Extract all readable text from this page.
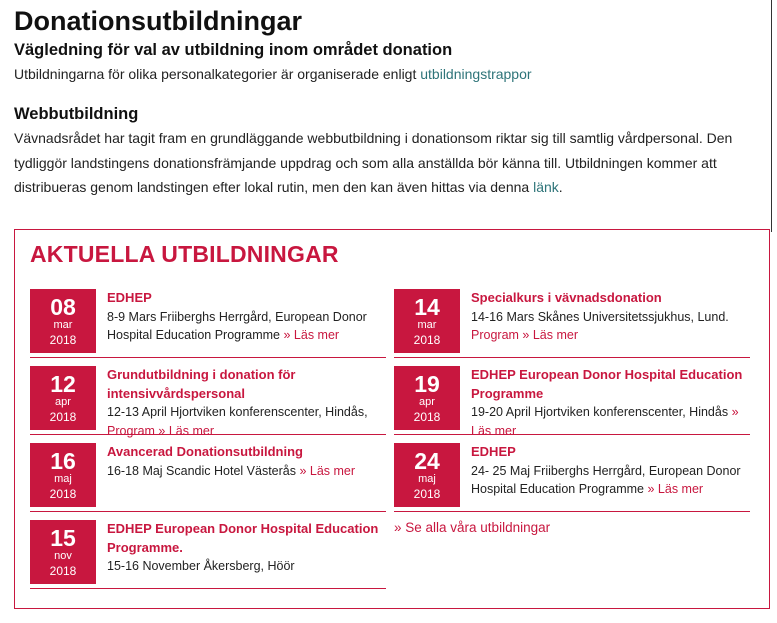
Donationsutbildningar
Vägledning för val av utbildning inom området donation
Utbildningarna för olika personalkategorier är organiserade enligt utbildningstrappor
Webbutbildning
Vävnadsrådet har tagit fram en grundläggande webbutbildning i donationsom riktar sig till samtlig vårdpersonal. Den tydliggör landstingens donationsfrämjande uppdrag och som alla anställda bör känna till. Utbildningen kommer att distribueras genom landstingen efter lokal rutin, men den kan även hittas via denna länk.
AKTUELLA UTBILDNINGAR
08
mar
2018
EDHEP
8-9 Mars Friiberghs Herrgård, European Donor Hospital Education Programme » Läs mer
14
mar
2018
Specialkurs i vävnadsdonation
14-16 Mars Skånes Universitetssjukhus, Lund. Program » Läs mer
12
apr
2018
Grundutbildning i donation för intensivvårdspersonal
12-13 April Hjortviken konferenscenter, Hindås, Program » Läs mer
19
apr
2018
EDHEP European Donor Hospital Education Programme
19-20 April Hjortviken konferenscenter, Hindås » Läs mer
16
maj
2018
Avancerad Donationsutbildning
16-18 Maj Scandic Hotel Västerås » Läs mer	24
maj
2018
EDHEP
24- 25 Maj Friiberghs Herrgård, European Donor Hospital Education Programme » Läs mer
15
nov
2018
EDHEP European Donor Hospital Education Programme.
15-16 November Åkersberg, Höör
» Se alla våra utbildningar
